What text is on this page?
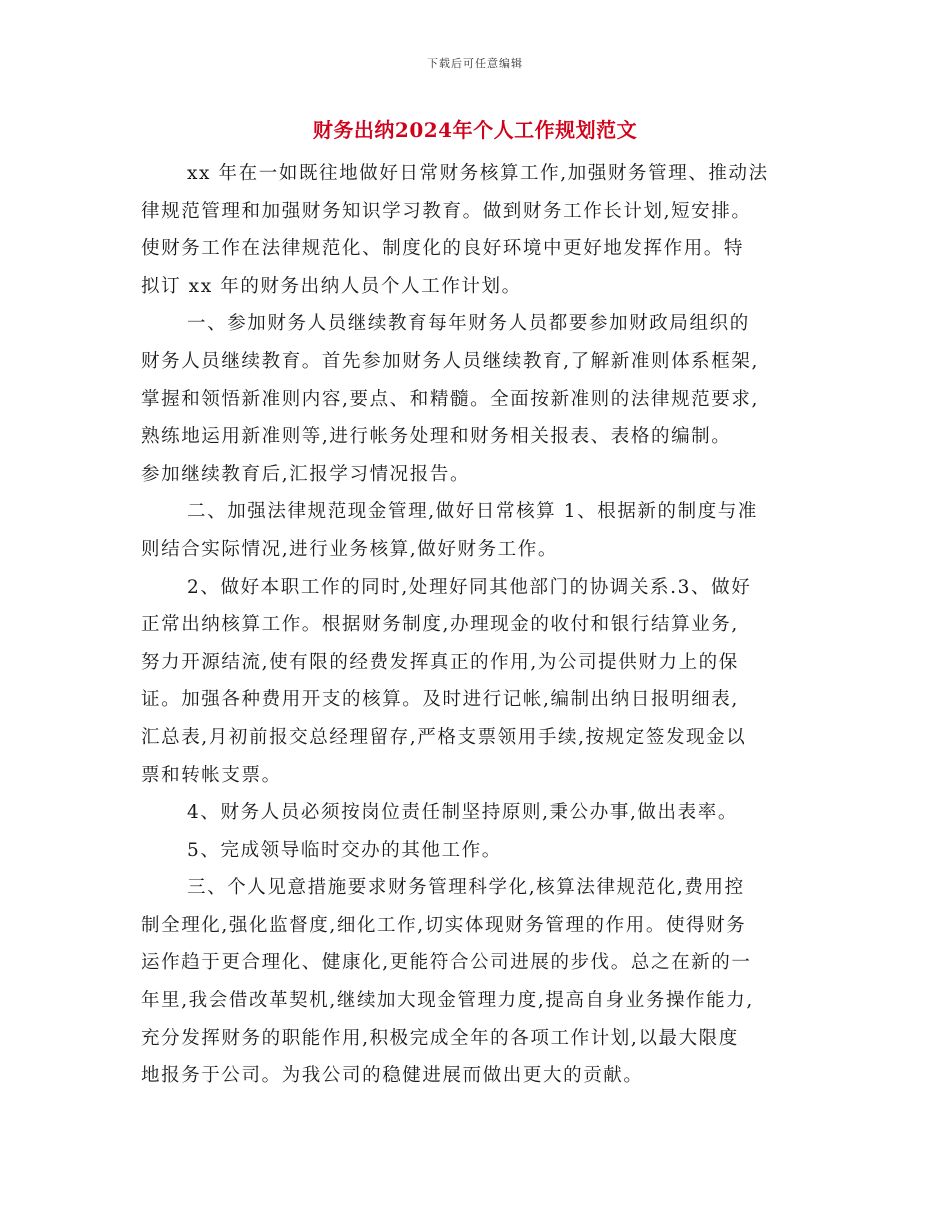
下载后可任意编辑
财务出纳2024年个人工作规划范文

xx 年在一如既往地做好日常财务核算工作,加强财务管理、推动法
律规范管理和加强财务知识学习教育。做到财务工作长计划,短安排。
使财务工作在法律规范化、制度化的良好环境中更好地发挥作用。特
拟订 xx 年的财务出纳人员个人工作计划。

一、参加财务人员继续教育每年财务人员都要参加财政局组织的
财务人员继续教育。首先参加财务人员继续教育,了解新准则体系框架,
掌握和领悟新准则内容,要点、和精髓。全面按新准则的法律规范要求,
熟练地运用新准则等,进行帐务处理和财务相关报表、表格的编制。
参加继续教育后,汇报学习情况报告。

二、加强法律规范现金管理,做好日常核算 1、根据新的制度与准
则结合实际情况,进行业务核算,做好财务工作。

2、做好本职工作的同时,处理好同其他部门的协调关系.3、做好
正常出纳核算工作。根据财务制度,办理现金的收付和银行结算业务,
努力开源结流,使有限的经费发挥真正的作用,为公司提供财力上的保
证。加强各种费用开支的核算。及时进行记帐,编制出纳日报明细表,
汇总表,月初前报交总经理留存,严格支票领用手续,按规定签发现金以
票和转帐支票。

4、财务人员必须按岗位责任制坚持原则,秉公办事,做出表率。

5、完成领导临时交办的其他工作。

三、个人见意措施要求财务管理科学化,核算法律规范化,费用控
制全理化,强化监督度,细化工作,切实体现财务管理的作用。使得财务
运作趋于更合理化、健康化,更能符合公司进展的步伐。总之在新的一
年里,我会借改革契机,继续加大现金管理力度,提高自身业务操作能力,
充分发挥财务的职能作用,积极完成全年的各项工作计划,以最大限度
地报务于公司。为我公司的稳健进展而做出更大的贡献。
